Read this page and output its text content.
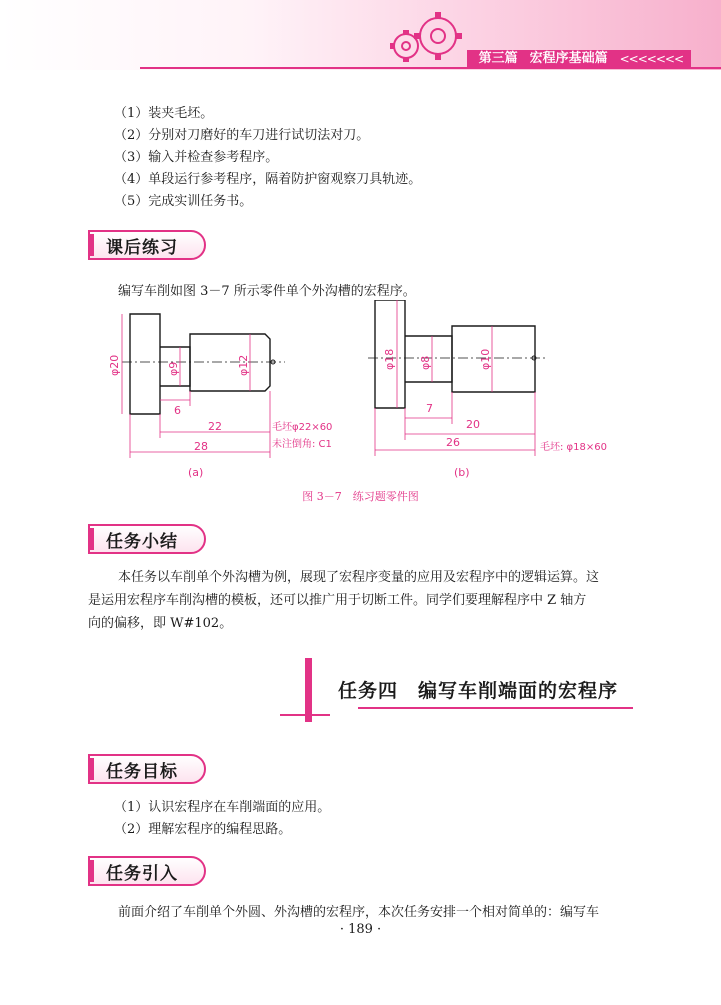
第三篇 宏程序基础篇 <<<<<<<
（1）装夹毛坯。
（2）分别对刀磨好的车刀进行试切法对刀。
（3）输入并检查参考程序。
（4）单段运行参考程序，隔着防护窗观察刀具轨迹。
（5）完成实训任务书。
课后练习
编写车削如图 3－7 所示零件单个外沟槽的宏程序。
φ20	φ9	φ12
6
22
28
毛坯φ22×60
未注倒角: C1
(a)
φ18 φ8	φ10
7
20
26	毛坯: φ18×60
(b)
图 3－7　练习题零件图
任务小结
本任务以车削单个外沟槽为例，展现了宏程序变量的应用及宏程序中的逻辑运算。这
是运用宏程序车削沟槽的模板，还可以推广用于切断工件。同学们要理解程序中 Z 轴方
向的偏移，即 W#102。
任务四　编写车削端面的宏程序
任务目标
（1）认识宏程序在车削端面的应用。
（2）理解宏程序的编程思路。
任务引入
前面介绍了车削单个外圆、外沟槽的宏程序，本次任务安排一个相对简单的：编写车
· 189 ·
